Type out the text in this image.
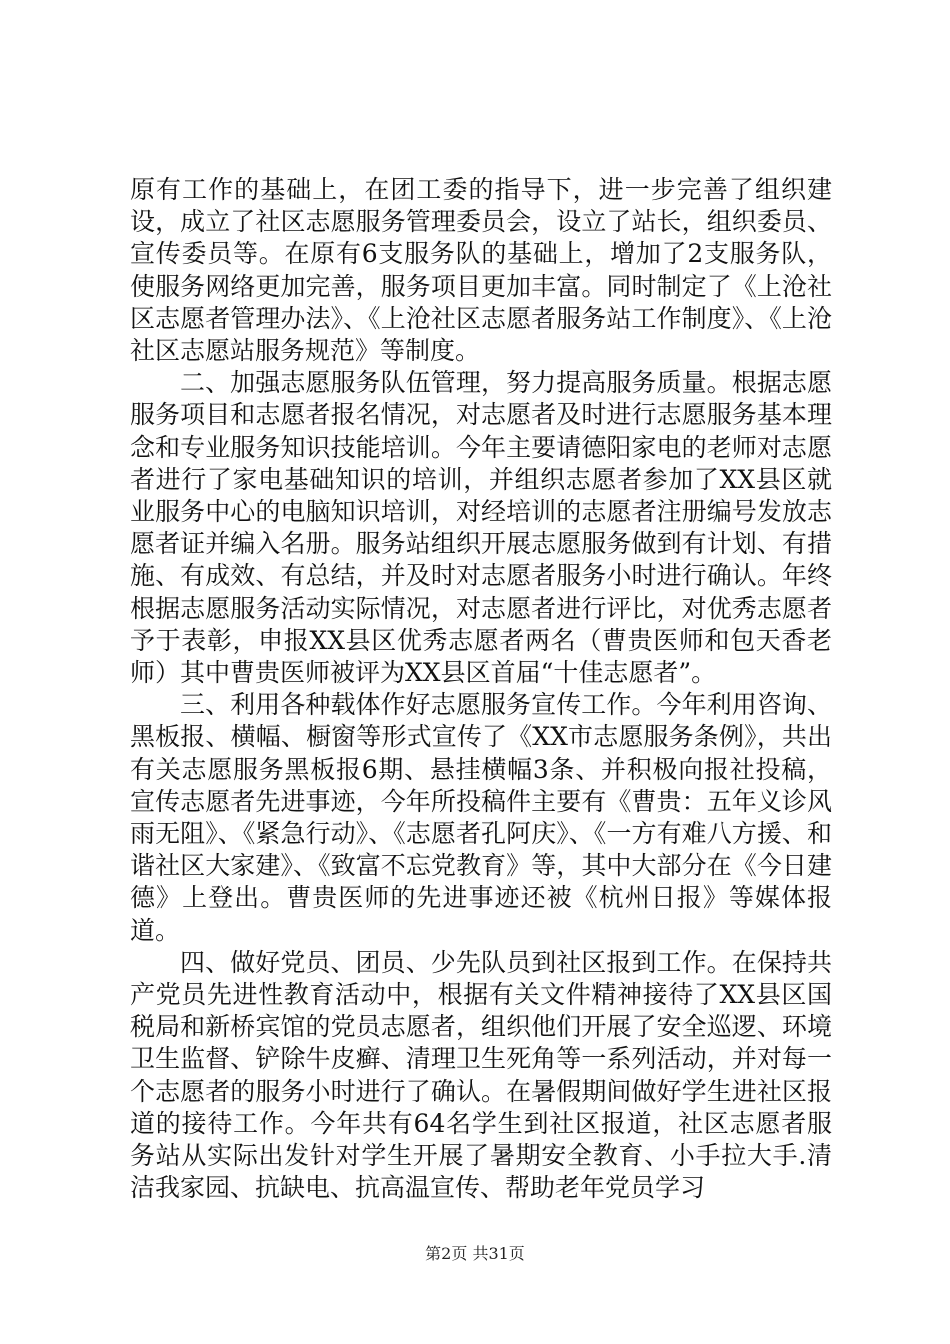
原有工作的基础上，在团工委的指导下，进一步完善了组织建设，成立了社区志愿服务管理委员会，设立了站长，组织委员、宣传委员等。在原有6支服务队的基础上，增加了2支服务队，使服务网络更加完善，服务项目更加丰富。同时制定了《上沧社区志愿者管理办法》、《上沧社区志愿者服务站工作制度》、《上沧社区志愿站服务规范》等制度。

二、加强志愿服务队伍管理，努力提高服务质量。根据志愿服务项目和志愿者报名情况，对志愿者及时进行志愿服务基本理念和专业服务知识技能培训。今年主要请德阳家电的老师对志愿者进行了家电基础知识的培训，并组织志愿者参加了XX县区就业服务中心的电脑知识培训，对经培训的志愿者注册编号发放志愿者证并编入名册。服务站组织开展志愿服务做到有计划、有措施、有成效、有总结，并及时对志愿者服务小时进行确认。年终根据志愿服务活动实际情况，对志愿者进行评比，对优秀志愿者予于表彰，申报XX县区优秀志愿者两名（曹贵医师和包天香老师）其中曹贵医师被评为XX县区首届“十佳志愿者”。

三、利用各种载体作好志愿服务宣传工作。今年利用咨询、黑板报、横幅、橱窗等形式宣传了《XX市志愿服务条例》，共出有关志愿服务黑板报6期、悬挂横幅3条、并积极向报社投稿，宣传志愿者先进事迹，今年所投稿件主要有《曹贵：五年义诊风雨无阻》、《紧急行动》、《志愿者孔阿庆》、《一方有难八方援、和谐社区大家建》、《致富不忘党教育》等，其中大部分在《今日建德》上登出。曹贵医师的先进事迹还被《杭州日报》等媒体报道。

四、做好党员、团员、少先队员到社区报到工作。在保持共产党员先进性教育活动中，根据有关文件精神接待了XX县区国税局和新桥宾馆的党员志愿者，组织他们开展了安全巡逻、环境卫生监督、铲除牛皮癣、清理卫生死角等一系列活动，并对每一个志愿者的服务小时进行了确认。在暑假期间做好学生进社区报道的接待工作。今年共有64名学生到社区报道，社区志愿者服务站从实际出发针对学生开展了暑期安全教育、小手拉大手.清洁我家园、抗缺电、抗高温宣传、帮助老年党员学习

第2页 共31页
